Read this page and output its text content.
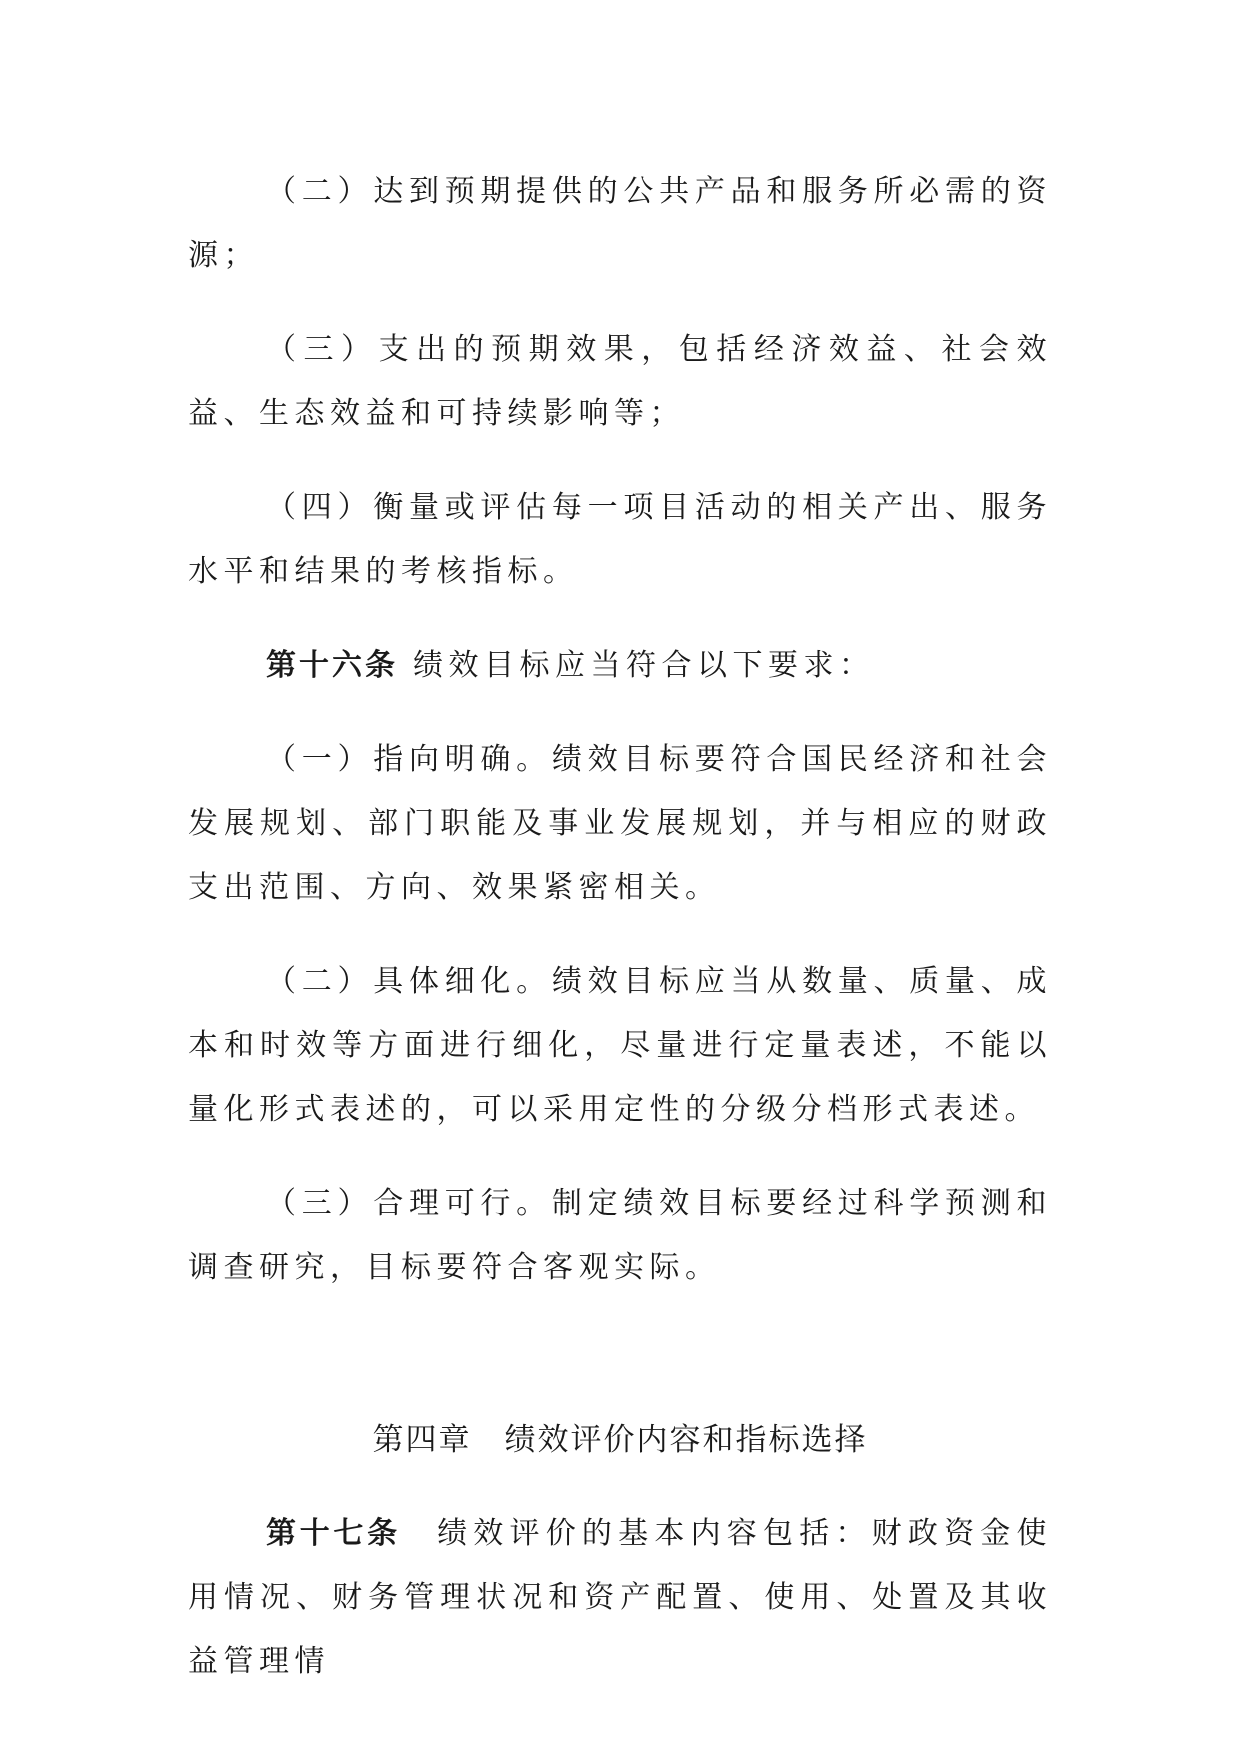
（二）达到预期提供的公共产品和服务所必需的资源；

（三）支出的预期效果，包括经济效益、社会效益、生态效益和可持续影响等；

（四）衡量或评估每一项目活动的相关产出、服务水平和结果的考核指标。

第十六条 绩效目标应当符合以下要求：

（一）指向明确。绩效目标要符合国民经济和社会发展规划、部门职能及事业发展规划，并与相应的财政支出范围、方向、效果紧密相关。

（二）具体细化。绩效目标应当从数量、质量、成本和时效等方面进行细化，尽量进行定量表述，不能以量化形式表述的，可以采用定性的分级分档形式表述。

（三）合理可行。制定绩效目标要经过科学预测和调查研究，目标要符合客观实际。

第四章　绩效评价内容和指标选择

第十七条　绩效评价的基本内容包括：财政资金使用情况、财务管理状况和资产配置、使用、处置及其收益管理情
